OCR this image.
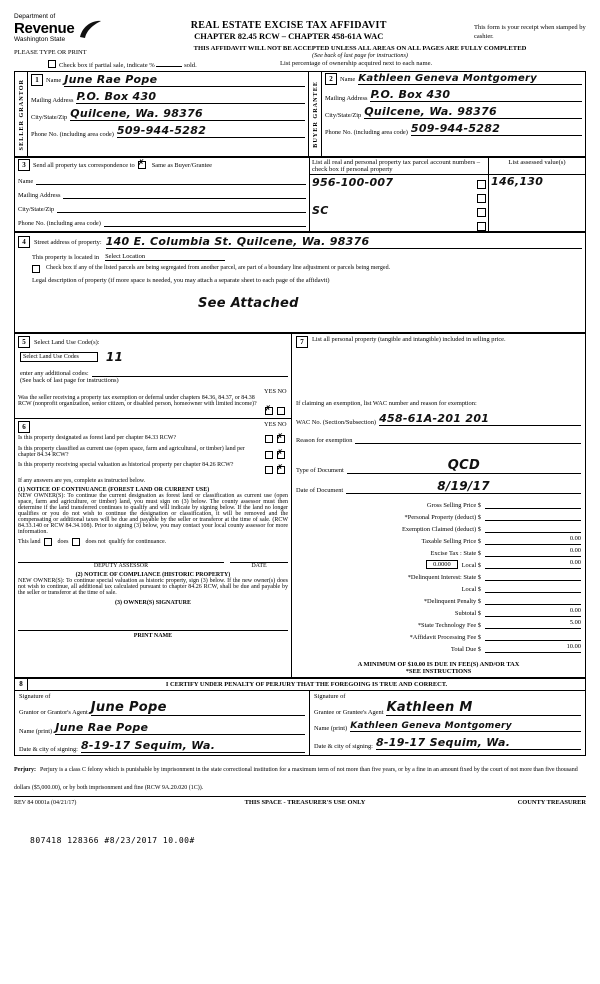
Department of
Revenue
Washington State
REAL ESTATE EXCISE TAX AFFIDAVIT
CHAPTER 82.45 RCW – CHAPTER 458-61A WAC
This form is your receipt when stamped by cashier.
PLEASE TYPE OR PRINT
THIS AFFIDAVIT WILL NOT BE ACCEPTED UNLESS ALL AREAS ON ALL PAGES ARE FULLY COMPLETED
(See back of last page for instructions)
Check box if partial sale, indicate %	sold.	List percentage of ownership acquired next to each name.
SELLER GRANTOR	1	Name June Rae Pope
Mailing Address P.O. Box 430
City/State/Zip Quilcene, Wa. 98376
Phone No. (including area code) 509-944-5282	BUYER GRANTEE

2	Name Kathleen Geneva Montgomery
Mailing Address P.O. Box 430
City/State/Zip Quilcene, Wa. 98376
Phone No. (including area code) 509-944-5282
3	Send all property tax correspondence to ✗ Same as Buyer/Grantee
Name
Mailing Address
City/State/Zip
Phone No. (including area code)

List all real and personal property tax parcel account numbers – check box if personal property	List assessed value(s)

956-100-007
SC

146,130
4	Street address of property: 140 E. Columbia St. Quilcene, Wa. 98376
This property is located in Select Location
Check box if any of the listed parcels are being segregated from another parcel, are part of a boundary line adjustment or parcels being merged.
Legal description of property (if more space is needed, you may attach a separate sheet to each page of the affidavit)
See Attached
5	Select Land Use Code(s):
Select Land Use Codes	11
enter any additional codes:
(See back of last page for instructions)
YES NO
Was the seller receiving a property tax exemption or deferral under chapters 84.36, 84.37, or 84.38 RCW (nonprofit organization, senior citizen, or disabled person, homeowner with limited income)? ✗
6	YES NO
Is this property designated as forest land per chapter 84.33 RCW?	✗
Is this property classified as current use (open space, farm and agricultural, or timber) land per chapter 84.34 RCW?	✗
Is this property receiving special valuation as historical property per chapter 84.26 RCW?	✗
If any answers are yes, complete as instructed below.
(1) NOTICE OF CONTINUANCE (FOREST LAND OR CURRENT USE)
NEW OWNER(S): To continue the current designation as forest land or classification as current use (open space, farm and agriculture, or timber) land, you must sign on (3) below. The county assessor must then determine if the land transferred continues to qualify and will indicate by signing below. If the land no longer qualifies or you do not wish to continue the designation or classification, it will be removed and the compensating or additional taxes will be due and payable by the seller or transferor at the time of sale. (RCW 84.33.140 or RCW 84.34.108). Prior to signing (3) below, you may contact your local county assessor for more information.
This land	does	does not qualify for continuance.
DEPUTY ASSESSOR	DATE
(2) NOTICE OF COMPLIANCE (HISTORIC PROPERTY)
NEW OWNER(S): To continue special valuation as historic property, sign (3) below. If the new owner(s) does not wish to continue, all additional tax calculated pursuant to chapter 84.26 RCW, shall be due and payable by the seller or transferor at the time of sale.
(3) OWNER(S) SIGNATURE
PRINT NAME

7	List all personal property (tangible and intangible) included in selling price.
If claiming an exemption, list WAC number and reason for exemption:
WAC No. (Section/Subsection) 458-61A-201 201
Reason for exemption
Type of Document	QCD
Date of Document	8/19/17
Gross Selling Price $
*Personal Property (deduct) $
Exemption Claimed (deduct) $
Taxable Selling Price $	0.00
Excise Tax : State $	0.00
0.0000	Local $	0.00
*Delinquent Interest: State $
Local $
*Delinquent Penalty $
Subtotal $	0.00
*State Technology Fee $	5.00
*Affidavit Processing Fee $
Total Due $	10.00
A MINIMUM OF $10.00 IS DUE IN FEE(S) AND/OR TAX
*SEE INSTRUCTIONS
8	I CERTIFY UNDER PENALTY OF PERJURY THAT THE FOREGOING IS TRUE AND CORRECT.
Signature of
Grantor or Grantor's Agent June Pope
Name (print) June Rae Pope
Date & city of signing: 8-19-17 Sequim, Wa.
Signature of
Grantee or Grantee's Agent Kathleen M
Name (print) Kathleen Geneva Montgomery
Date & city of signing: 8-19-17 Sequim, Wa.
Perjury: Perjury is a class C felony which is punishable by imprisonment in the state correctional institution for a maximum term of not more than five years, or by a fine in an amount fixed by the court of not more than five thousand dollars ($5,000.00), or by both imprisonment and fine (RCW 9A.20.020 (1C)).
REV 84 0001a (04/21/17)	THIS SPACE - TREASURER'S USE ONLY	COUNTY TREASURER
807418 128366 #8/23/2017 10.00#
